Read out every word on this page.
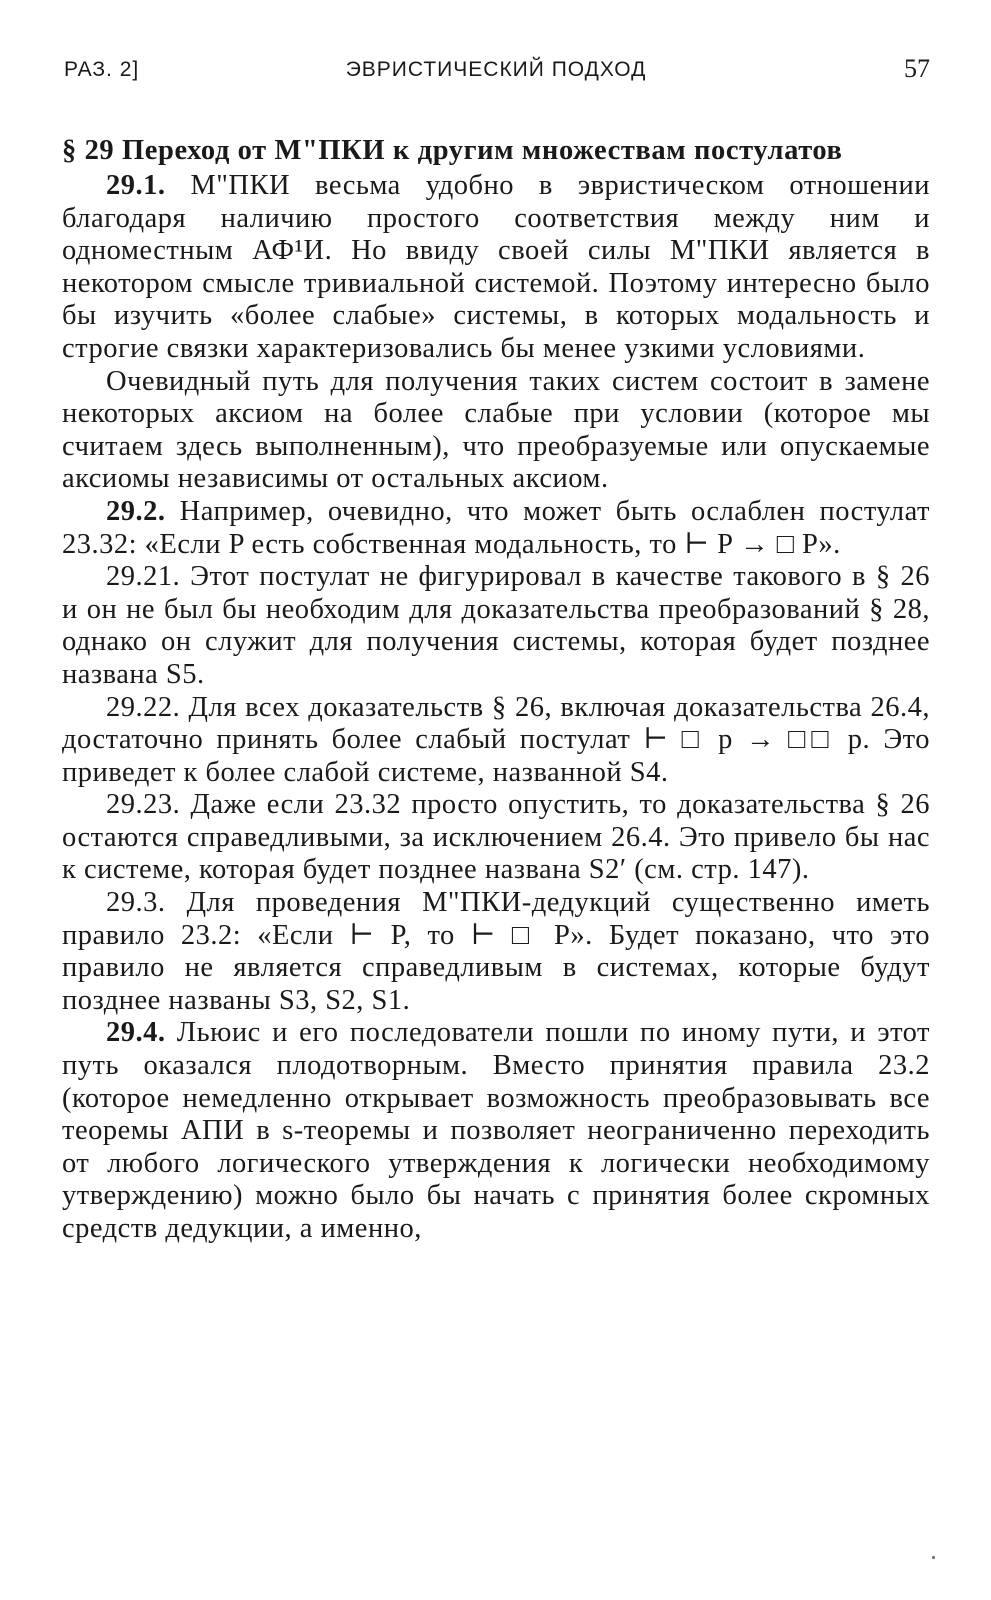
РАЗ. 2]	ЭВРИСТИЧЕСКИЙ ПОДХОД	57
§ 29 Переход от М"ПКИ к другим множествам постулатов

29.1. М"ПКИ весьма удобно в эвристическом отношении благодаря наличию простого соответствия между ним и одноместным АФ¹И. Но ввиду своей силы М"ПКИ является в некотором смысле тривиальной системой. Поэтому интересно было бы изучить «более слабые» системы, в которых модальность и строгие связки характеризовались бы менее узкими условиями.

Очевидный путь для получения таких систем состоит в замене некоторых аксиом на более слабые при условии (которое мы считаем здесь выполненным), что преобразуемые или опускаемые аксиомы независимы от остальных аксиом.

29.2. Например, очевидно, что может быть ослаблен постулат 23.32: «Если P есть собственная модальность, то ⊢ P → □ P».

29.21. Этот постулат не фигурировал в качестве такового в § 26 и он не был бы необходим для доказательства преобразований § 28, однако он служит для получения системы, которая будет позднее названа S5.

29.22. Для всех доказательств § 26, включая доказательства 26.4, достаточно принять более слабый постулат ⊢ □ p → □□ p. Это приведет к более слабой системе, названной S4.

29.23. Даже если 23.32 просто опустить, то доказательства § 26 остаются справедливыми, за исключением 26.4. Это привело бы нас к системе, которая будет позднее названа S2′ (см. стр. 147).

29.3. Для проведения М"ПКИ-дедукций существенно иметь правило 23.2: «Если ⊢ P, то ⊢ □ P». Будет показано, что это правило не является справедливым в системах, которые будут позднее названы S3, S2, S1.

29.4. Льюис и его последователи пошли по иному пути, и этот путь оказался плодотворным. Вместо принятия правила 23.2 (которое немедленно открывает возможность преобразовывать все теоремы АПИ в s-теоремы и позволяет неограниченно переходить от любого логического утверждения к логически необходимому утверждению) можно было бы начать с принятия более скромных средств дедукции, а именно,
